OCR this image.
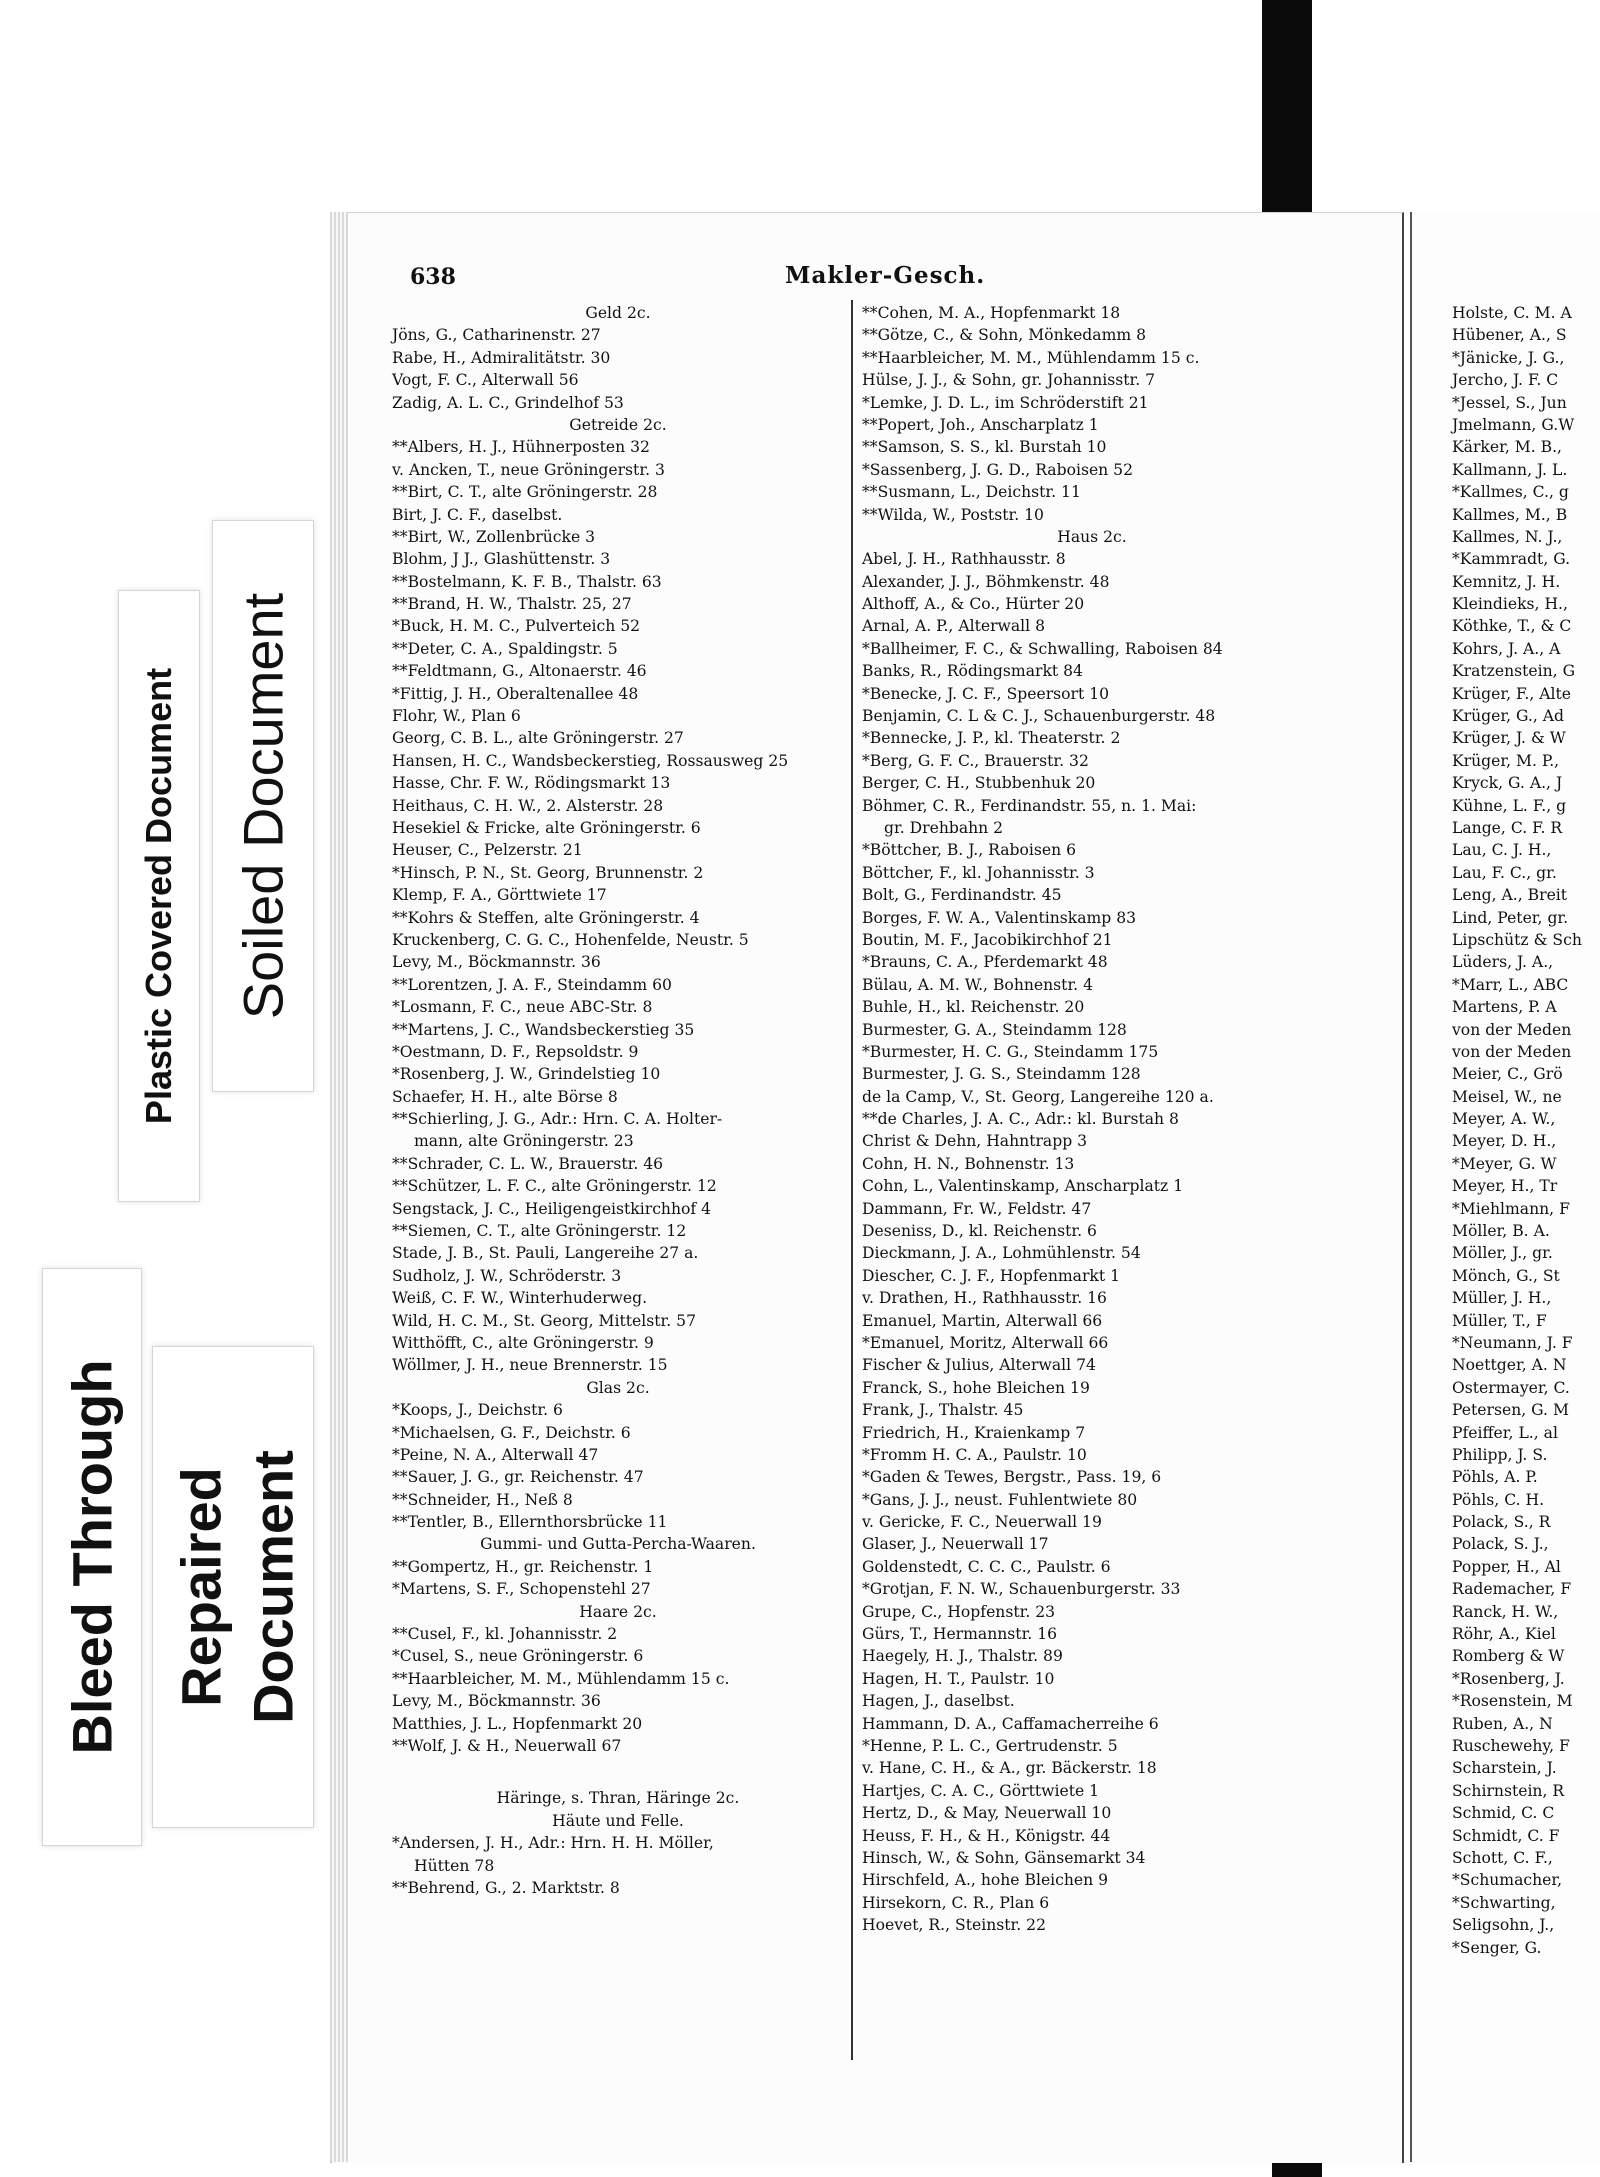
Plastic Covered Document Soiled Document
Bleed Through Repaired Document
638	Makler-Gesch.
Geld 2c.
Jöns, G., Catharinenstr. 27
Rabe, H., Admiralitätstr. 30
Vogt, F. C., Alterwall 56
Zadig, A. L. C., Grindelhof 53
Getreide 2c.
**Albers, H. J., Hühnerposten 32
v. Ancken, T., neue Gröningerstr. 3
**Birt, C. T., alte Gröningerstr. 28
Birt, J. C. F., daselbst.
**Birt, W., Zollenbrücke 3
Blohm, J J., Glashüttenstr. 3
**Bostelmann, K. F. B., Thalstr. 63
**Brand, H. W., Thalstr. 25, 27
*Buck, H. M. C., Pulverteich 52
**Deter, C. A., Spaldingstr. 5
**Feldtmann, G., Altonaerstr. 46
*Fittig, J. H., Oberaltenallee 48
Flohr, W., Plan 6
Georg, C. B. L., alte Gröningerstr. 27
Hansen, H. C., Wandsbeckerstieg, Rossausweg 25
Hasse, Chr. F. W., Rödingsmarkt 13
Heithaus, C. H. W., 2. Alsterstr. 28
Hesekiel & Fricke, alte Gröningerstr. 6
Heuser, C., Pelzerstr. 21
*Hinsch, P. N., St. Georg, Brunnenstr. 2
Klemp, F. A., Görttwiete 17
**Kohrs & Steffen, alte Gröningerstr. 4
Kruckenberg, C. G. C., Hohenfelde, Neustr. 5
Levy, M., Böckmannstr. 36
**Lorentzen, J. A. F., Steindamm 60
*Losmann, F. C., neue ABC-Str. 8
**Martens, J. C., Wandsbeckerstieg 35
*Oestmann, D. F., Repsoldstr. 9
*Rosenberg, J. W., Grindelstieg 10
Schaefer, H. H., alte Börse 8
**Schierling, J. G., Adr.: Hrn. C. A. Holter-
mann, alte Gröningerstr. 23
**Schrader, C. L. W., Brauerstr. 46
**Schützer, L. F. C., alte Gröningerstr. 12
Sengstack, J. C., Heiligengeistkirchhof 4
**Siemen, C. T., alte Gröningerstr. 12
Stade, J. B., St. Pauli, Langereihe 27 a.
Sudholz, J. W., Schröderstr. 3
Weiß, C. F. W., Winterhuderweg.
Wild, H. C. M., St. Georg, Mittelstr. 57
Witthöfft, C., alte Gröningerstr. 9
Wöllmer, J. H., neue Brennerstr. 15
Glas 2c.
*Koops, J., Deichstr. 6
*Michaelsen, G. F., Deichstr. 6
*Peine, N. A., Alterwall 47
**Sauer, J. G., gr. Reichenstr. 47
**Schneider, H., Neß 8
**Tentler, B., Ellernthorsbrücke 11
Gummi- und Gutta-Percha-Waaren.
**Gompertz, H., gr. Reichenstr. 1
*Martens, S. F., Schopenstehl 27
Haare 2c.
**Cusel, F., kl. Johannisstr. 2
*Cusel, S., neue Gröningerstr. 6
**Haarbleicher, M. M., Mühlendamm 15 c.
Levy, M., Böckmannstr. 36
Matthies, J. L., Hopfenmarkt 20
**Wolf, J. & H., Neuerwall 67
Häringe, s. Thran, Häringe 2c.
Häute und Felle.
*Andersen, J. H., Adr.: Hrn. H. H. Möller,
Hütten 78
**Behrend, G., 2. Marktstr. 8
**Cohen, M. A., Hopfenmarkt 18
**Götze, C., & Sohn, Mönkedamm 8
**Haarbleicher, M. M., Mühlendamm 15 c.
Hülse, J. J., & Sohn, gr. Johannisstr. 7
*Lemke, J. D. L., im Schröderstift 21
**Popert, Joh., Anscharplatz 1
**Samson, S. S., kl. Burstah 10
*Sassenberg, J. G. D., Raboisen 52
**Susmann, L., Deichstr. 11
**Wilda, W., Poststr. 10
Haus 2c.
Abel, J. H., Rathhausstr. 8
Alexander, J. J., Böhmkenstr. 48
Althoff, A., & Co., Hürter 20
Arnal, A. P., Alterwall 8
*Ballheimer, F. C., & Schwalling, Raboisen 84
Banks, R., Rödingsmarkt 84
*Benecke, J. C. F., Speersort 10
Benjamin, C. L & C. J., Schauenburgerstr. 48
*Bennecke, J. P., kl. Theaterstr. 2
*Berg, G. F. C., Brauerstr. 32
Berger, C. H., Stubbenhuk 20
Böhmer, C. R., Ferdinandstr. 55, n. 1. Mai:
gr. Drehbahn 2
*Böttcher, B. J., Raboisen 6
Böttcher, F., kl. Johannisstr. 3
Bolt, G., Ferdinandstr. 45
Borges, F. W. A., Valentinskamp 83
Boutin, M. F., Jacobikirchhof 21
*Brauns, C. A., Pferdemarkt 48
Bülau, A. M. W., Bohnenstr. 4
Buhle, H., kl. Reichenstr. 20
Burmester, G. A., Steindamm 128
*Burmester, H. C. G., Steindamm 175
Burmester, J. G. S., Steindamm 128
de la Camp, V., St. Georg, Langereihe 120 a.
**de Charles, J. A. C., Adr.: kl. Burstah 8
Christ & Dehn, Hahntrapp 3
Cohn, H. N., Bohnenstr. 13
Cohn, L., Valentinskamp, Anscharplatz 1
Dammann, Fr. W., Feldstr. 47
Deseniss, D., kl. Reichenstr. 6
Dieckmann, J. A., Lohmühlenstr. 54
Diescher, C. J. F., Hopfenmarkt 1
v. Drathen, H., Rathhausstr. 16
Emanuel, Martin, Alterwall 66
*Emanuel, Moritz, Alterwall 66
Fischer & Julius, Alterwall 74
Franck, S., hohe Bleichen 19
Frank, J., Thalstr. 45
Friedrich, H., Kraienkamp 7
*Fromm H. C. A., Paulstr. 10
*Gaden & Tewes, Bergstr., Pass. 19, 6
*Gans, J. J., neust. Fuhlentwiete 80
v. Gericke, F. C., Neuerwall 19
Glaser, J., Neuerwall 17
Goldenstedt, C. C. C., Paulstr. 6
*Grotjan, F. N. W., Schauenburgerstr. 33
Grupe, C., Hopfenstr. 23
Gürs, T., Hermannstr. 16
Haegely, H. J., Thalstr. 89
Hagen, H. T., Paulstr. 10
Hagen, J., daselbst.
Hammann, D. A., Caffamacherreihe 6
*Henne, P. L. C., Gertrudenstr. 5
v. Hane, C. H., & A., gr. Bäckerstr. 18
Hartjes, C. A. C., Görttwiete 1
Hertz, D., & May, Neuerwall 10
Heuss, F. H., & H., Königstr. 44
Hinsch, W., & Sohn, Gänsemarkt 34
Hirschfeld, A., hohe Bleichen 9
Hirsekorn, C. R., Plan 6
Hoevet, R., Steinstr. 22
Holste, C. M. A
Hübener, A., S
*Jänicke, J. G.,
Jercho, J. F. C
*Jessel, S., Jun
Jmelmann, G.W
Kärker, M. B.,
Kallmann, J. L.
*Kallmes, C., g
Kallmes, M., B
Kallmes, N. J.,
*Kammradt, G.
Kemnitz, J. H.
Kleindieks, H.,
Köthke, T., & C
Kohrs, J. A., A
Kratzenstein, G
Krüger, F., Alte
Krüger, G., Ad
Krüger, J. & W
Krüger, M. P.,
Kryck, G. A., J
Kühne, L. F., g
Lange, C. F. R
Lau, C. J. H.,
Lau, F. C., gr.
Leng, A., Breit
Lind, Peter, gr.
Lipschütz & Sch
Lüders, J. A.,
*Marr, L., ABC
Martens, P. A
von der Meden
von der Meden
Meier, C., Grö
Meisel, W., ne
Meyer, A. W.,
Meyer, D. H.,
*Meyer, G. W
Meyer, H., Tr
*Miehlmann, F
Möller, B. A.
Möller, J., gr.
Mönch, G., St
Müller, J. H.,
Müller, T., F
*Neumann, J. F
Noettger, A. N
Ostermayer, C.
Petersen, G. M
Pfeiffer, L., al
Philipp, J. S.
Pöhls, A. P.
Pöhls, C. H.
Polack, S., R
Polack, S. J.,
Popper, H., Al
Rademacher, F
Ranck, H. W.,
Röhr, A., Kiel
Romberg & W
*Rosenberg, J.
*Rosenstein, M
Ruben, A., N
Ruschewehy, F
Scharstein, J.
Schirnstein, R
Schmid, C. C
Schmidt, C. F
Schott, C. F.,
*Schumacher,
*Schwarting,
Seligsohn, J.,
*Senger, G.
